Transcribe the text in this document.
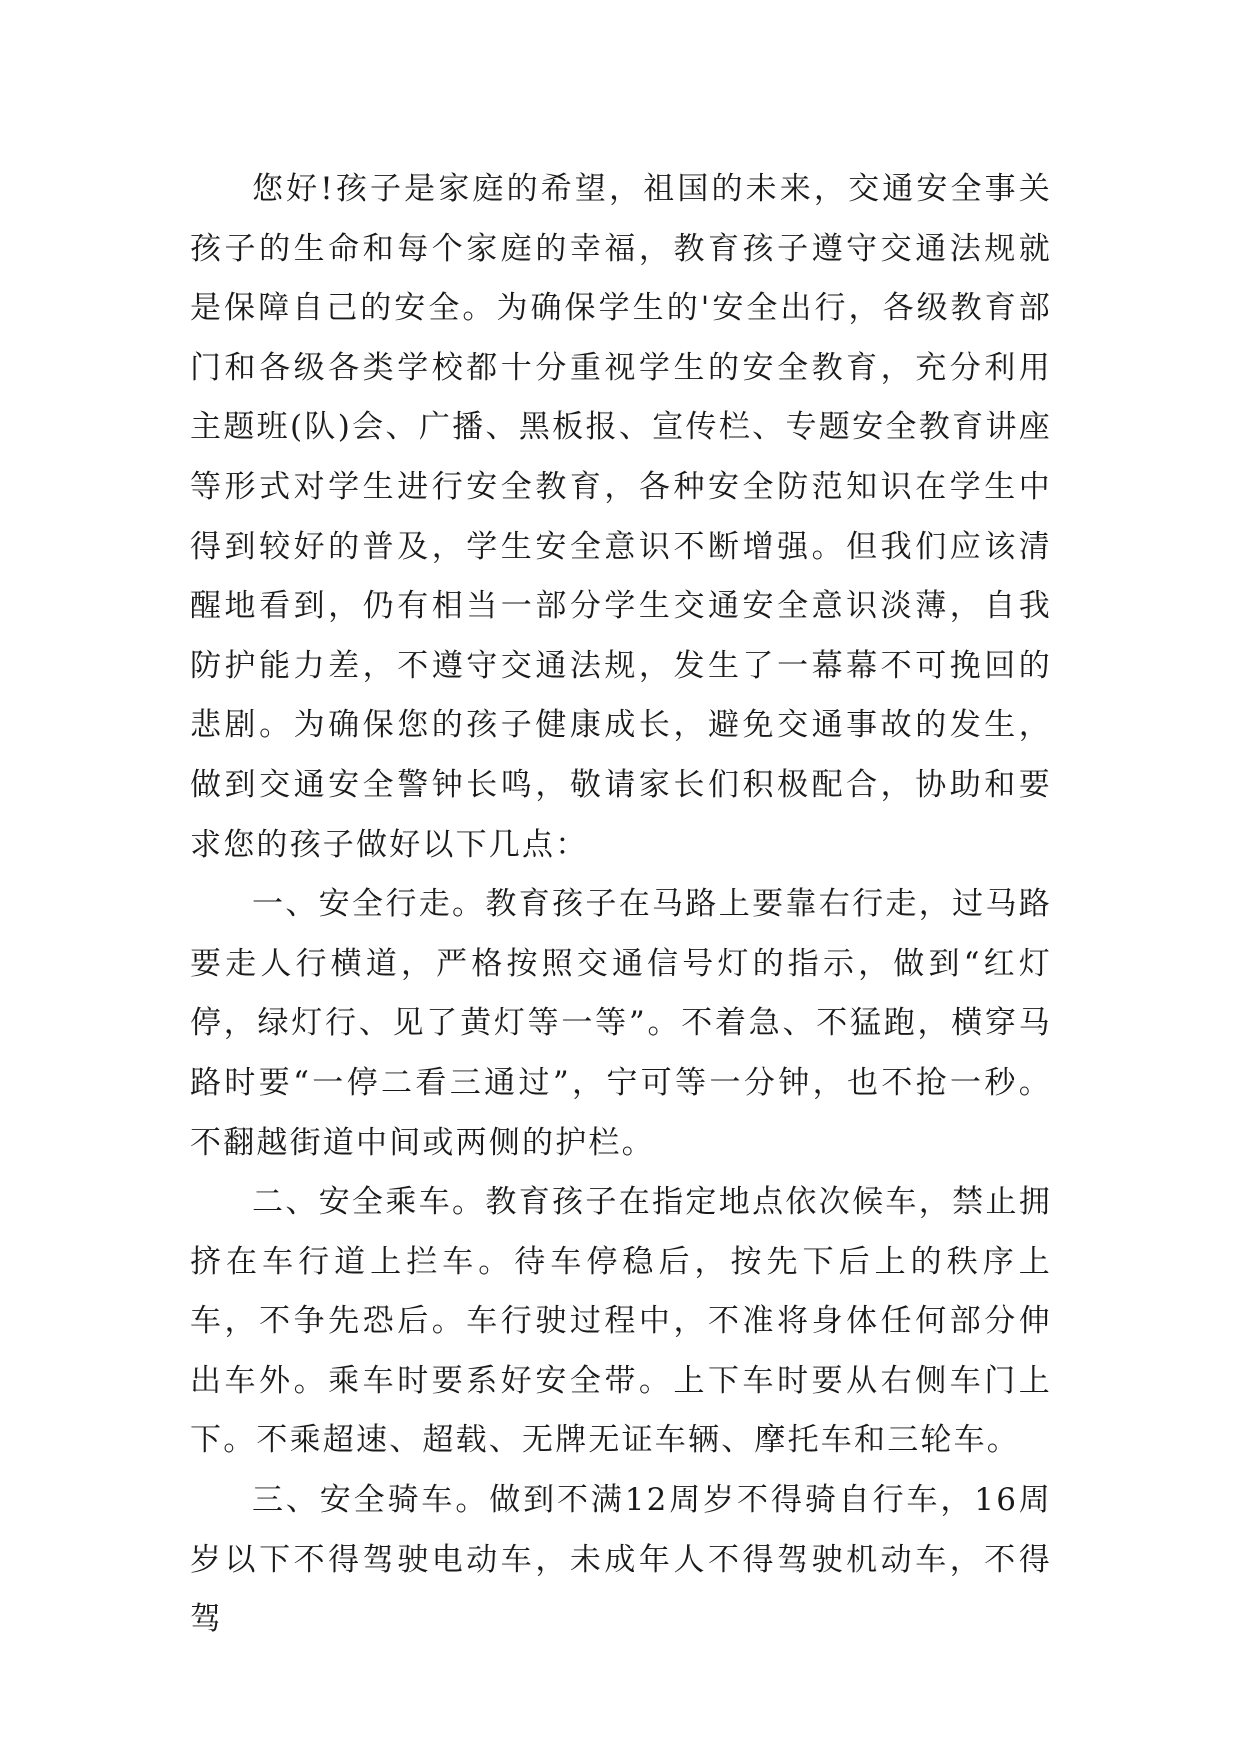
您好!孩子是家庭的希望，祖国的未来，交通安全事关孩子的生命和每个家庭的幸福，教育孩子遵守交通法规就是保障自己的安全。为确保学生的'安全出行，各级教育部门和各级各类学校都十分重视学生的安全教育，充分利用主题班(队)会、广播、黑板报、宣传栏、专题安全教育讲座等形式对学生进行安全教育，各种安全防范知识在学生中得到较好的普及，学生安全意识不断增强。但我们应该清醒地看到，仍有相当一部分学生交通安全意识淡薄，自我防护能力差，不遵守交通法规，发生了一幕幕不可挽回的悲剧。为确保您的孩子健康成长，避免交通事故的发生，做到交通安全警钟长鸣，敬请家长们积极配合，协助和要求您的孩子做好以下几点：

一、安全行走。教育孩子在马路上要靠右行走，过马路要走人行横道，严格按照交通信号灯的指示，做到“红灯停，绿灯行、见了黄灯等一等”。不着急、不猛跑，横穿马路时要“一停二看三通过”，宁可等一分钟，也不抢一秒。不翻越街道中间或两侧的护栏。

二、安全乘车。教育孩子在指定地点依次候车，禁止拥挤在车行道上拦车。待车停稳后，按先下后上的秩序上车，不争先恐后。车行驶过程中，不准将身体任何部分伸出车外。乘车时要系好安全带。上下车时要从右侧车门上下。不乘超速、超载、无牌无证车辆、摩托车和三轮车。

三、安全骑车。做到不满12周岁不得骑自行车，16周岁以下不得驾驶电动车，未成年人不得驾驶机动车，不得驾
